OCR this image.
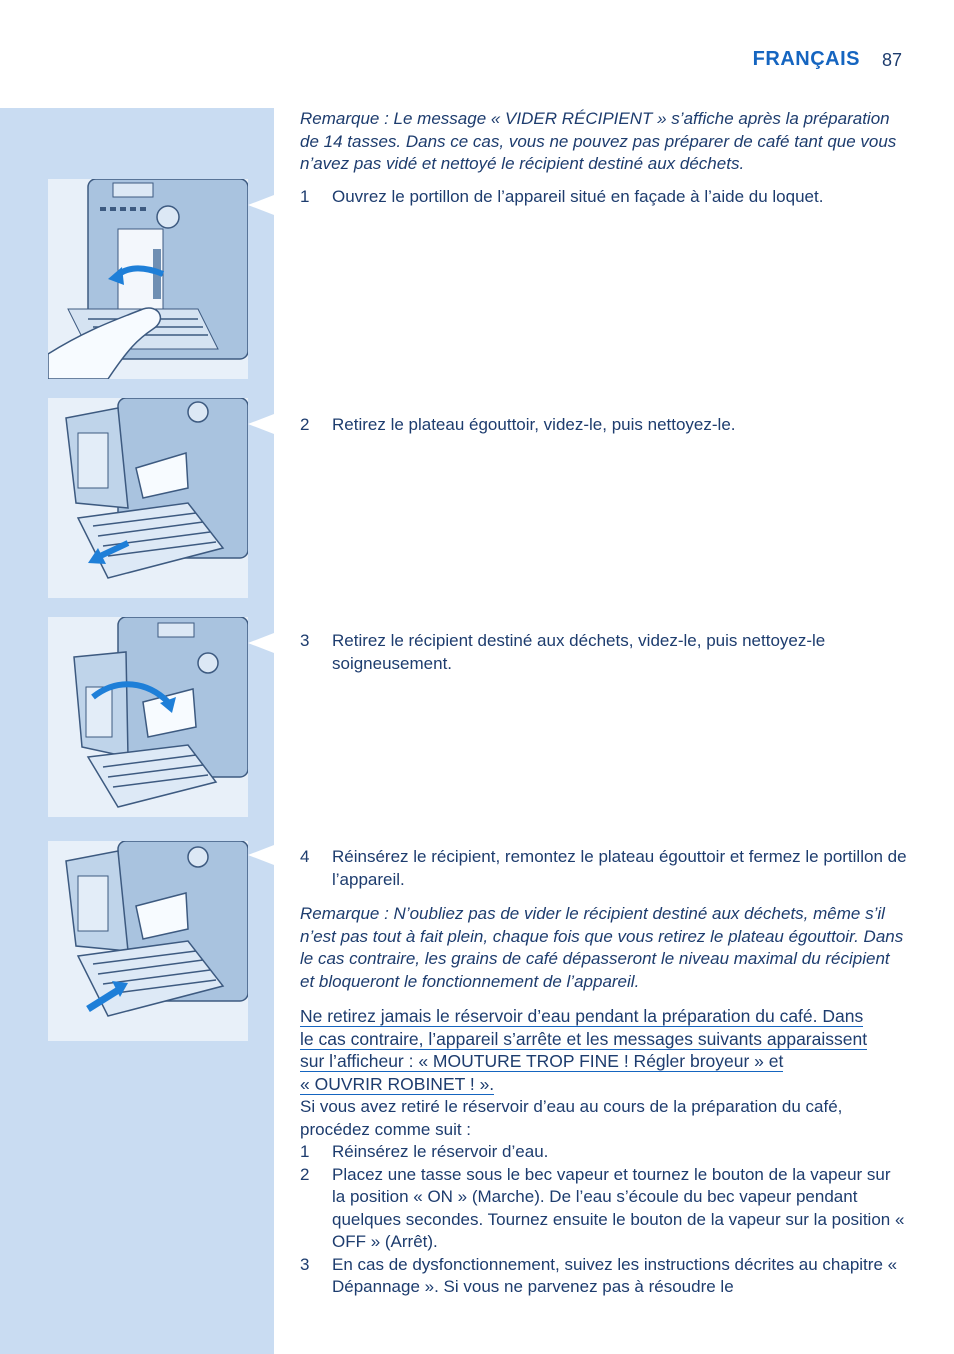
FRANÇAIS 87
Remarque : Le message « VIDER RÉCIPIENT » s’affiche après la préparation de 14 tasses. Dans ce cas, vous ne pouvez pas préparer de café tant que vous n’avez pas vidé et nettoyé le récipient destiné aux déchets.
1 Ouvrez le portillon de l’appareil situé en façade à l’aide du loquet.
2 Retirez le plateau égouttoir, videz-le, puis nettoyez-le.
3 Retirez le récipient destiné aux déchets, videz-le, puis nettoyez-le soigneusement.
4 Réinsérez le récipient, remontez le plateau égouttoir et fermez le portillon de l’appareil.
Remarque : N’oubliez pas de vider le récipient destiné aux déchets, même s’il n’est pas tout à fait plein, chaque fois que vous retirez le plateau égouttoir. Dans le cas contraire, les grains de café dépasseront le niveau maximal du récipient et bloqueront le fonctionnement de l’appareil.
Ne retirez jamais le réservoir d’eau pendant la préparation du café. Dans
le cas contraire, l’appareil s’arrête et les messages suivants apparaissent
sur l’afficheur : « MOUTURE TROP FINE ! Régler broyeur » et
« OUVRIR ROBINET ! ».
Si vous avez retiré le réservoir d’eau au cours de la préparation du café, procédez comme suit :
1 Réinsérez le réservoir d’eau.
2 Placez une tasse sous le bec vapeur et tournez le bouton de la vapeur sur la position « ON » (Marche). De l’eau s’écoule du bec vapeur pendant quelques secondes. Tournez ensuite le bouton de la vapeur sur la position « OFF » (Arrêt).
3 En cas de dysfonctionnement, suivez les instructions décrites au chapitre « Dépannage ». Si vous ne parvenez pas à résoudre le
